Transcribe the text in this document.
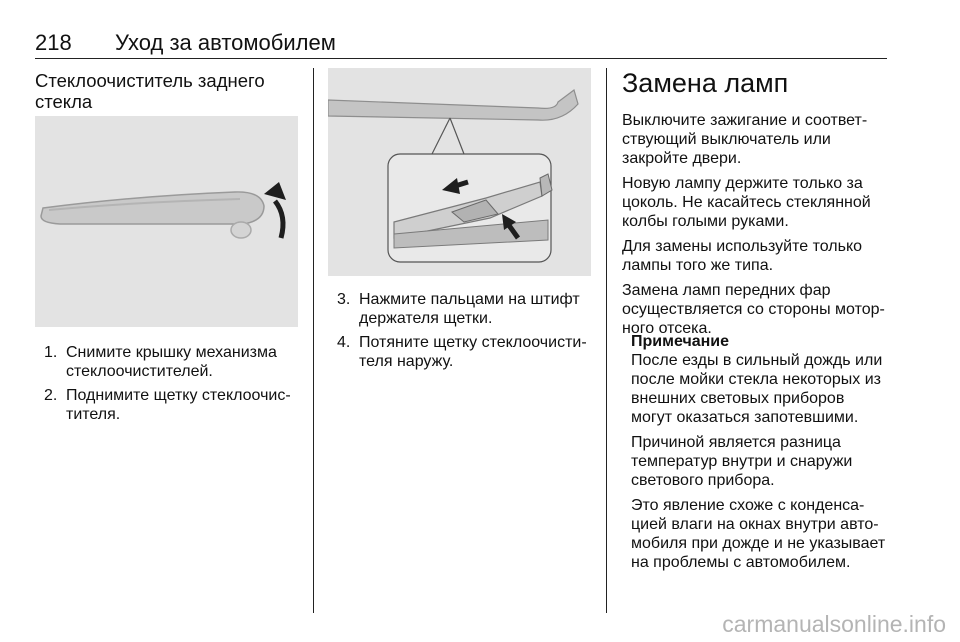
218 Уход за автомобилем
Стеклоочиститель заднего
стекла
1. Снимите крышку механизма
стеклоочистителей.
2. Поднимите щетку стеклоочис-
тителя.
3. Нажмите пальцами на штифт
держателя щетки.
4. Потяните щетку стеклоочисти-
теля наружу.
Замена ламп

Выключите зажигание и соответ-
ствующий выключатель или
закройте двери.

Новую лампу держите только за
цоколь. Не касайтесь стеклянной
колбы голыми руками.

Для замены используйте только
лампы того же типа.

Замена ламп передних фар
осуществляется со стороны мотор-
ного отсека.

Примечание

После езды в сильный дождь или
после мойки стекла некоторых из
внешних световых приборов
могут оказаться запотевшими.

Причиной является разница
температур внутри и снаружи
светового прибора.

Это явление схоже с конденса-
цией влаги на окнах внутри авто-
мобиля при дожде и не указывает
на проблемы с автомобилем.

carmanualsonline.info
